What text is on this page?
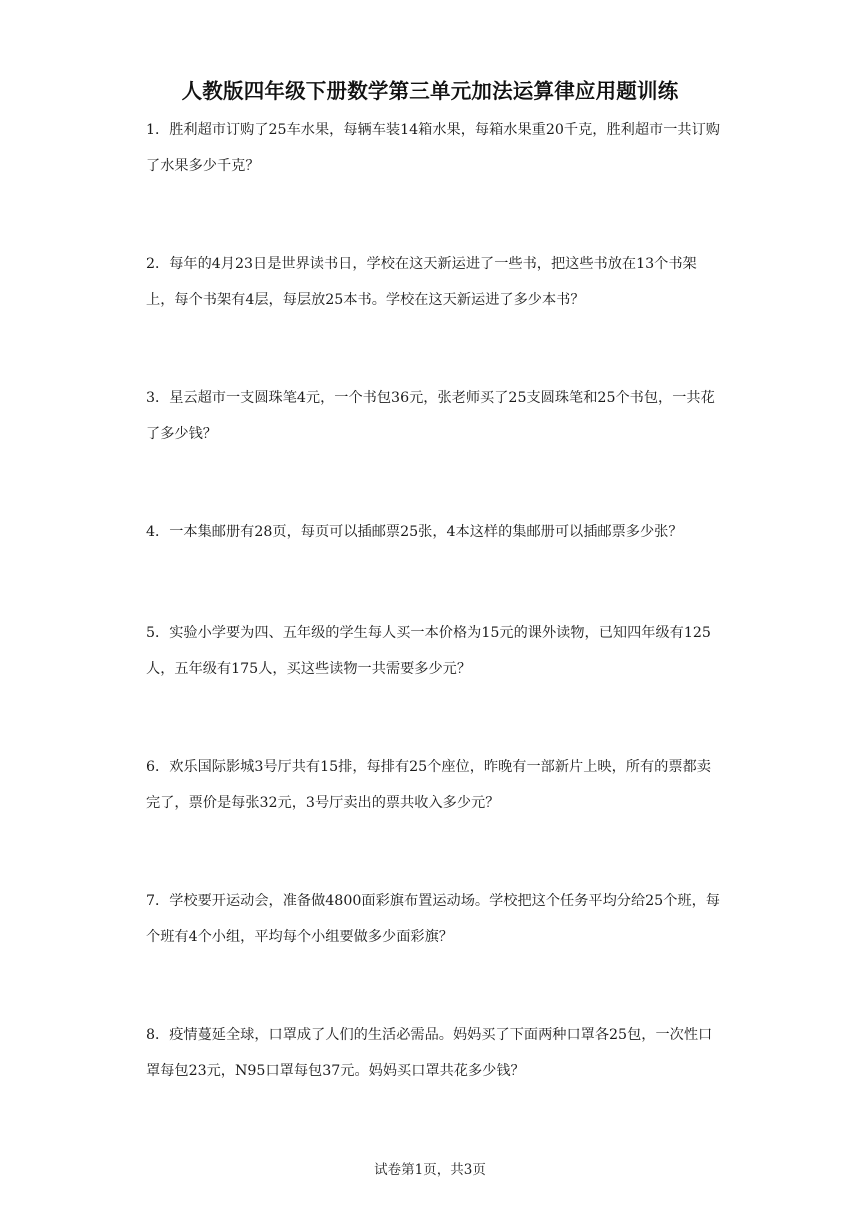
人教版四年级下册数学第三单元加法运算律应用题训练
1．胜利超市订购了25车水果，每辆车装14箱水果，每箱水果重20千克，胜利超市一共订购了水果多少千克？
2．每年的4月23日是世界读书日，学校在这天新运进了一些书，把这些书放在13个书架上，每个书架有4层，每层放25本书。学校在这天新运进了多少本书？
3．星云超市一支圆珠笔4元，一个书包36元，张老师买了25支圆珠笔和25个书包，一共花了多少钱？
4．一本集邮册有28页，每页可以插邮票25张，4本这样的集邮册可以插邮票多少张？
5．实验小学要为四、五年级的学生每人买一本价格为15元的课外读物，已知四年级有125人，五年级有175人，买这些读物一共需要多少元？
6．欢乐国际影城3号厅共有15排，每排有25个座位，昨晚有一部新片上映，所有的票都卖完了，票价是每张32元，3号厅卖出的票共收入多少元？
7．学校要开运动会，准备做4800面彩旗布置运动场。学校把这个任务平均分给25个班，每个班有4个小组，平均每个小组要做多少面彩旗？
8．疫情蔓延全球，口罩成了人们的生活必需品。妈妈买了下面两种口罩各25包，一次性口罩每包23元，N95口罩每包37元。妈妈买口罩共花多少钱？
试卷第1页，共3页
